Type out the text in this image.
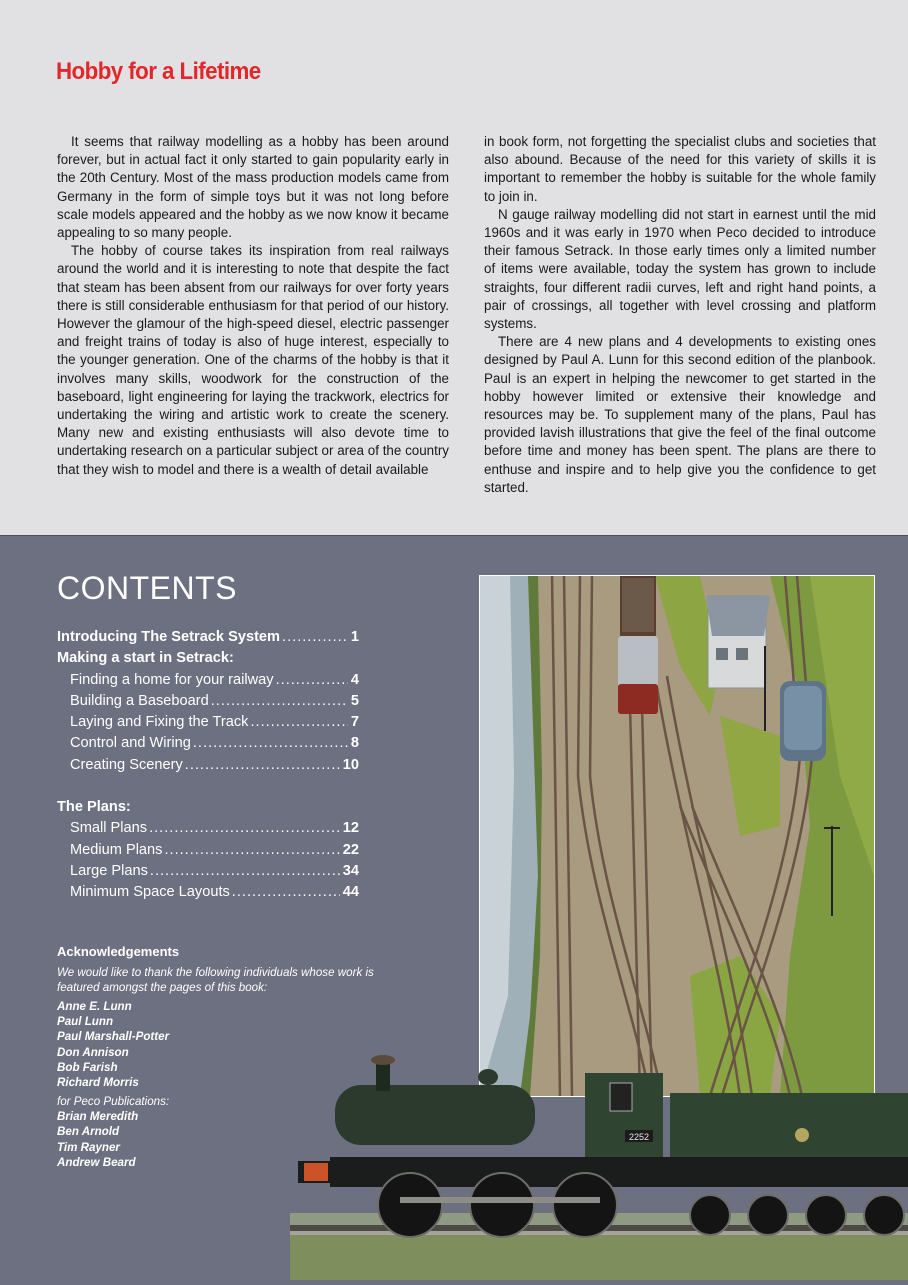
Hobby for a Lifetime

It seems that railway modelling as a hobby has been around forever, but in actual fact it only started to gain popularity early in the 20th Century. Most of the mass production models came from Germany in the form of simple toys but it was not long before scale models appeared and the hobby as we now know it became appealing to so many people.

The hobby of course takes its inspiration from real railways around the world and it is interesting to note that despite the fact that steam has been absent from our railways for over forty years there is still considerable enthusiasm for that period of our history. However the glamour of the high-speed diesel, electric passenger and freight trains of today is also of huge interest, especially to the younger generation. One of the charms of the hobby is that it involves many skills, woodwork for the construction of the baseboard, light engineering for laying the trackwork, electrics for undertaking the wiring and artistic work to create the scenery. Many new and existing enthusiasts will also devote time to undertaking research on a particular subject or area of the country that they wish to model and there is a wealth of detail available

in book form, not forgetting the specialist clubs and societies that also abound. Because of the need for this variety of skills it is important to remember the hobby is suitable for the whole family to join in.

N gauge railway modelling did not start in earnest until the mid 1960s and it was early in 1970 when Peco decided to introduce their famous Setrack. In those early times only a limited number of items were available, today the system has grown to include straights, four different radii curves, left and right hand points, a pair of crossings, all together with level crossing and platform systems.

There are 4 new plans and 4 developments to existing ones designed by Paul A. Lunn for this second edition of the planbook. Paul is an expert in helping the newcomer to get started in the hobby however limited or extensive their knowledge and resources may be. To supplement many of the plans, Paul has provided lavish illustrations that give the feel of the final outcome before time and money has been spent. The plans are there to enthuse and inspire and to help give you the confidence to get started.

CONTENTS
Introducing The Setrack System .....	1
Making a start in Setrack:
Finding a home for your railway .....	4
Building a Baseboard .....	5
Laying and Fixing the Track .....	7
Control and Wiring .....	8
Creating Scenery .....	10
The Plans:
Small Plans .....	12
Medium Plans .....	22
Large Plans .....	34
Minimum Space Layouts .....	44
Acknowledgements
We would like to thank the following individuals whose work is featured amongst the pages of this book:
Anne E. Lunn
Paul Lunn
Paul Marshall-Potter
Don Annison
Bob Farish
Richard Morris
for Peco Publications:
Brian Meredith
Ben Arnold
Tim Rayner
Andrew Beard
2252
